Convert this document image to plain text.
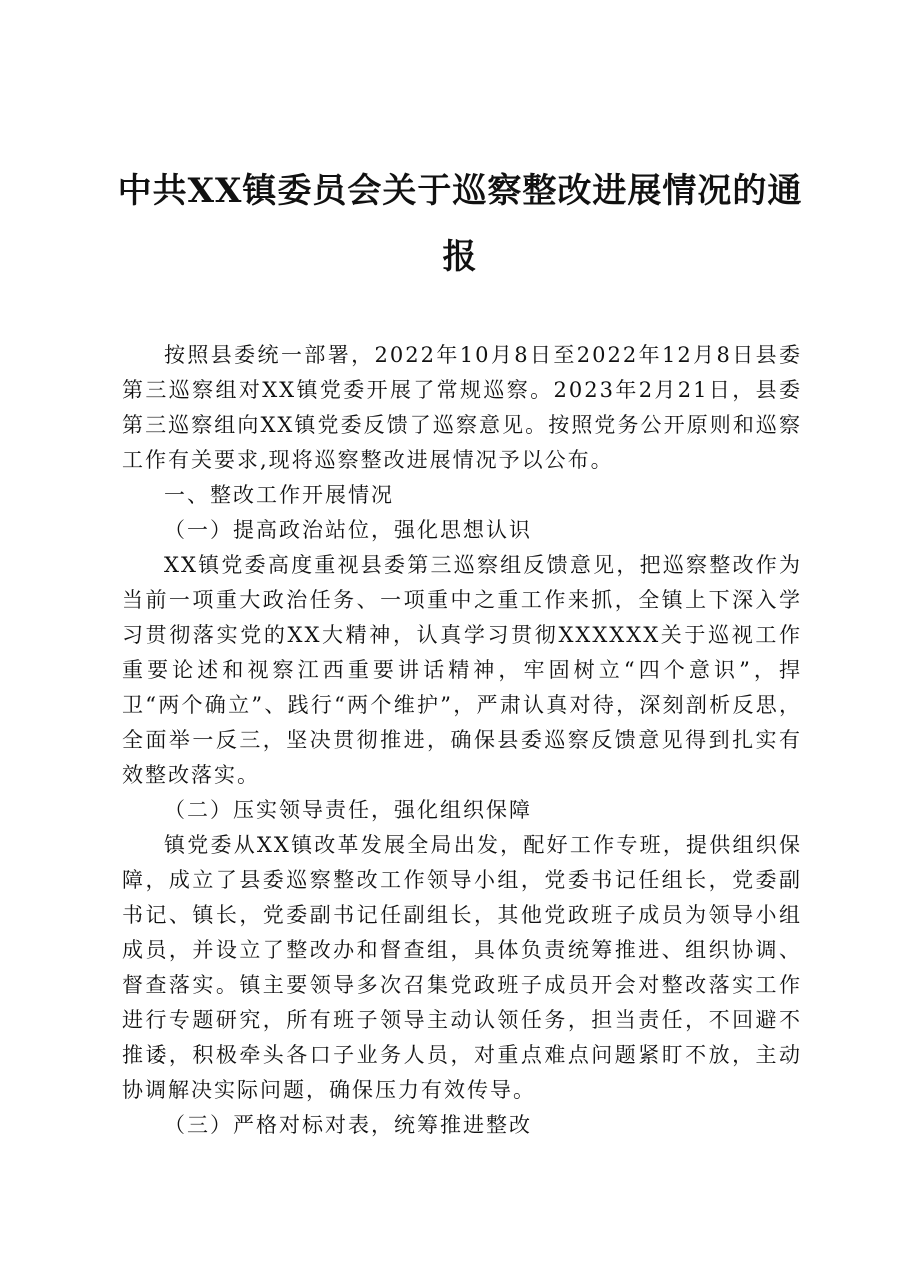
中共XX镇委员会关于巡察整改进展情况的通报

按照县委统一部署，2022年10月8日至2022年12月8日县委第三巡察组对XX镇党委开展了常规巡察。2023年2月21日，县委第三巡察组向XX镇党委反馈了巡察意见。按照党务公开原则和巡察工作有关要求,现将巡察整改进展情况予以公布。

一、整改工作开展情况

（一）提高政治站位，强化思想认识

XX镇党委高度重视县委第三巡察组反馈意见，把巡察整改作为当前一项重大政治任务、一项重中之重工作来抓，全镇上下深入学习贯彻落实党的XX大精神，认真学习贯彻XXXXXX关于巡视工作重要论述和视察江西重要讲话精神，牢固树立“四个意识”，捍卫“两个确立”、践行“两个维护”，严肃认真对待，深刻剖析反思，全面举一反三，坚决贯彻推进，确保县委巡察反馈意见得到扎实有效整改落实。

（二）压实领导责任，强化组织保障

镇党委从XX镇改革发展全局出发，配好工作专班，提供组织保障，成立了县委巡察整改工作领导小组，党委书记任组长，党委副书记、镇长，党委副书记任副组长，其他党政班子成员为领导小组成员，并设立了整改办和督查组，具体负责统筹推进、组织协调、督查落实。镇主要领导多次召集党政班子成员开会对整改落实工作进行专题研究，所有班子领导主动认领任务，担当责任，不回避不推诿，积极牵头各口子业务人员，对重点难点问题紧盯不放，主动协调解决实际问题，确保压力有效传导。

（三）严格对标对表，统筹推进整改
